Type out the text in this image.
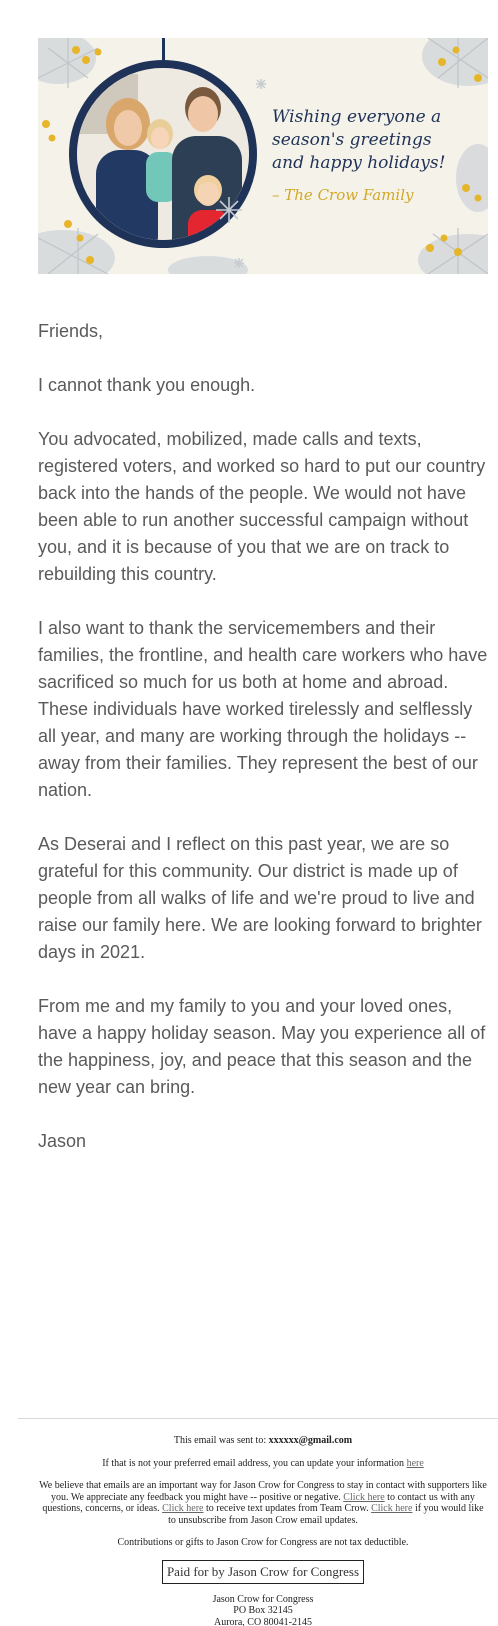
Wishing everyone a
season's greetings
and happy holidays!
– The Crow Family

Friends,

I cannot thank you enough.

You advocated, mobilized, made calls and texts, registered voters, and worked so hard to put our country back into the hands of the people. We would not have been able to run another successful campaign without you, and it is because of you that we are on track to rebuilding this country.

I also want to thank the servicemembers and their families, the frontline, and health care workers who have sacrificed so much for us both at home and abroad. These individuals have worked tirelessly and selflessly all year, and many are working through the holidays -- away from their families. They represent the best of our nation.

As Deserai and I reflect on this past year, we are so grateful for this community. Our district is made up of people from all walks of life and we're proud to live and raise our family here. We are looking forward to brighter days in 2021.

From me and my family to you and your loved ones, have a happy holiday season. May you experience all of the happiness, joy, and peace that this season and the new year can bring.

Jason

This email was sent to: xxxxxx@gmail.com
If that is not your preferred email address, you can update your information here
We believe that emails are an important way for Jason Crow for Congress to stay in contact with supporters like you. We appreciate any feedback you might have -- positive or negative. Click here to contact us with any questions, concerns, or ideas. Click here to receive text updates from Team Crow. Click here if you would like to unsubscribe from Jason Crow email updates.
Contributions or gifts to Jason Crow for Congress are not tax deductible.
Paid for by Jason Crow for Congress
Jason Crow for Congress
PO Box 32145
Aurora, CO 80041-2145
